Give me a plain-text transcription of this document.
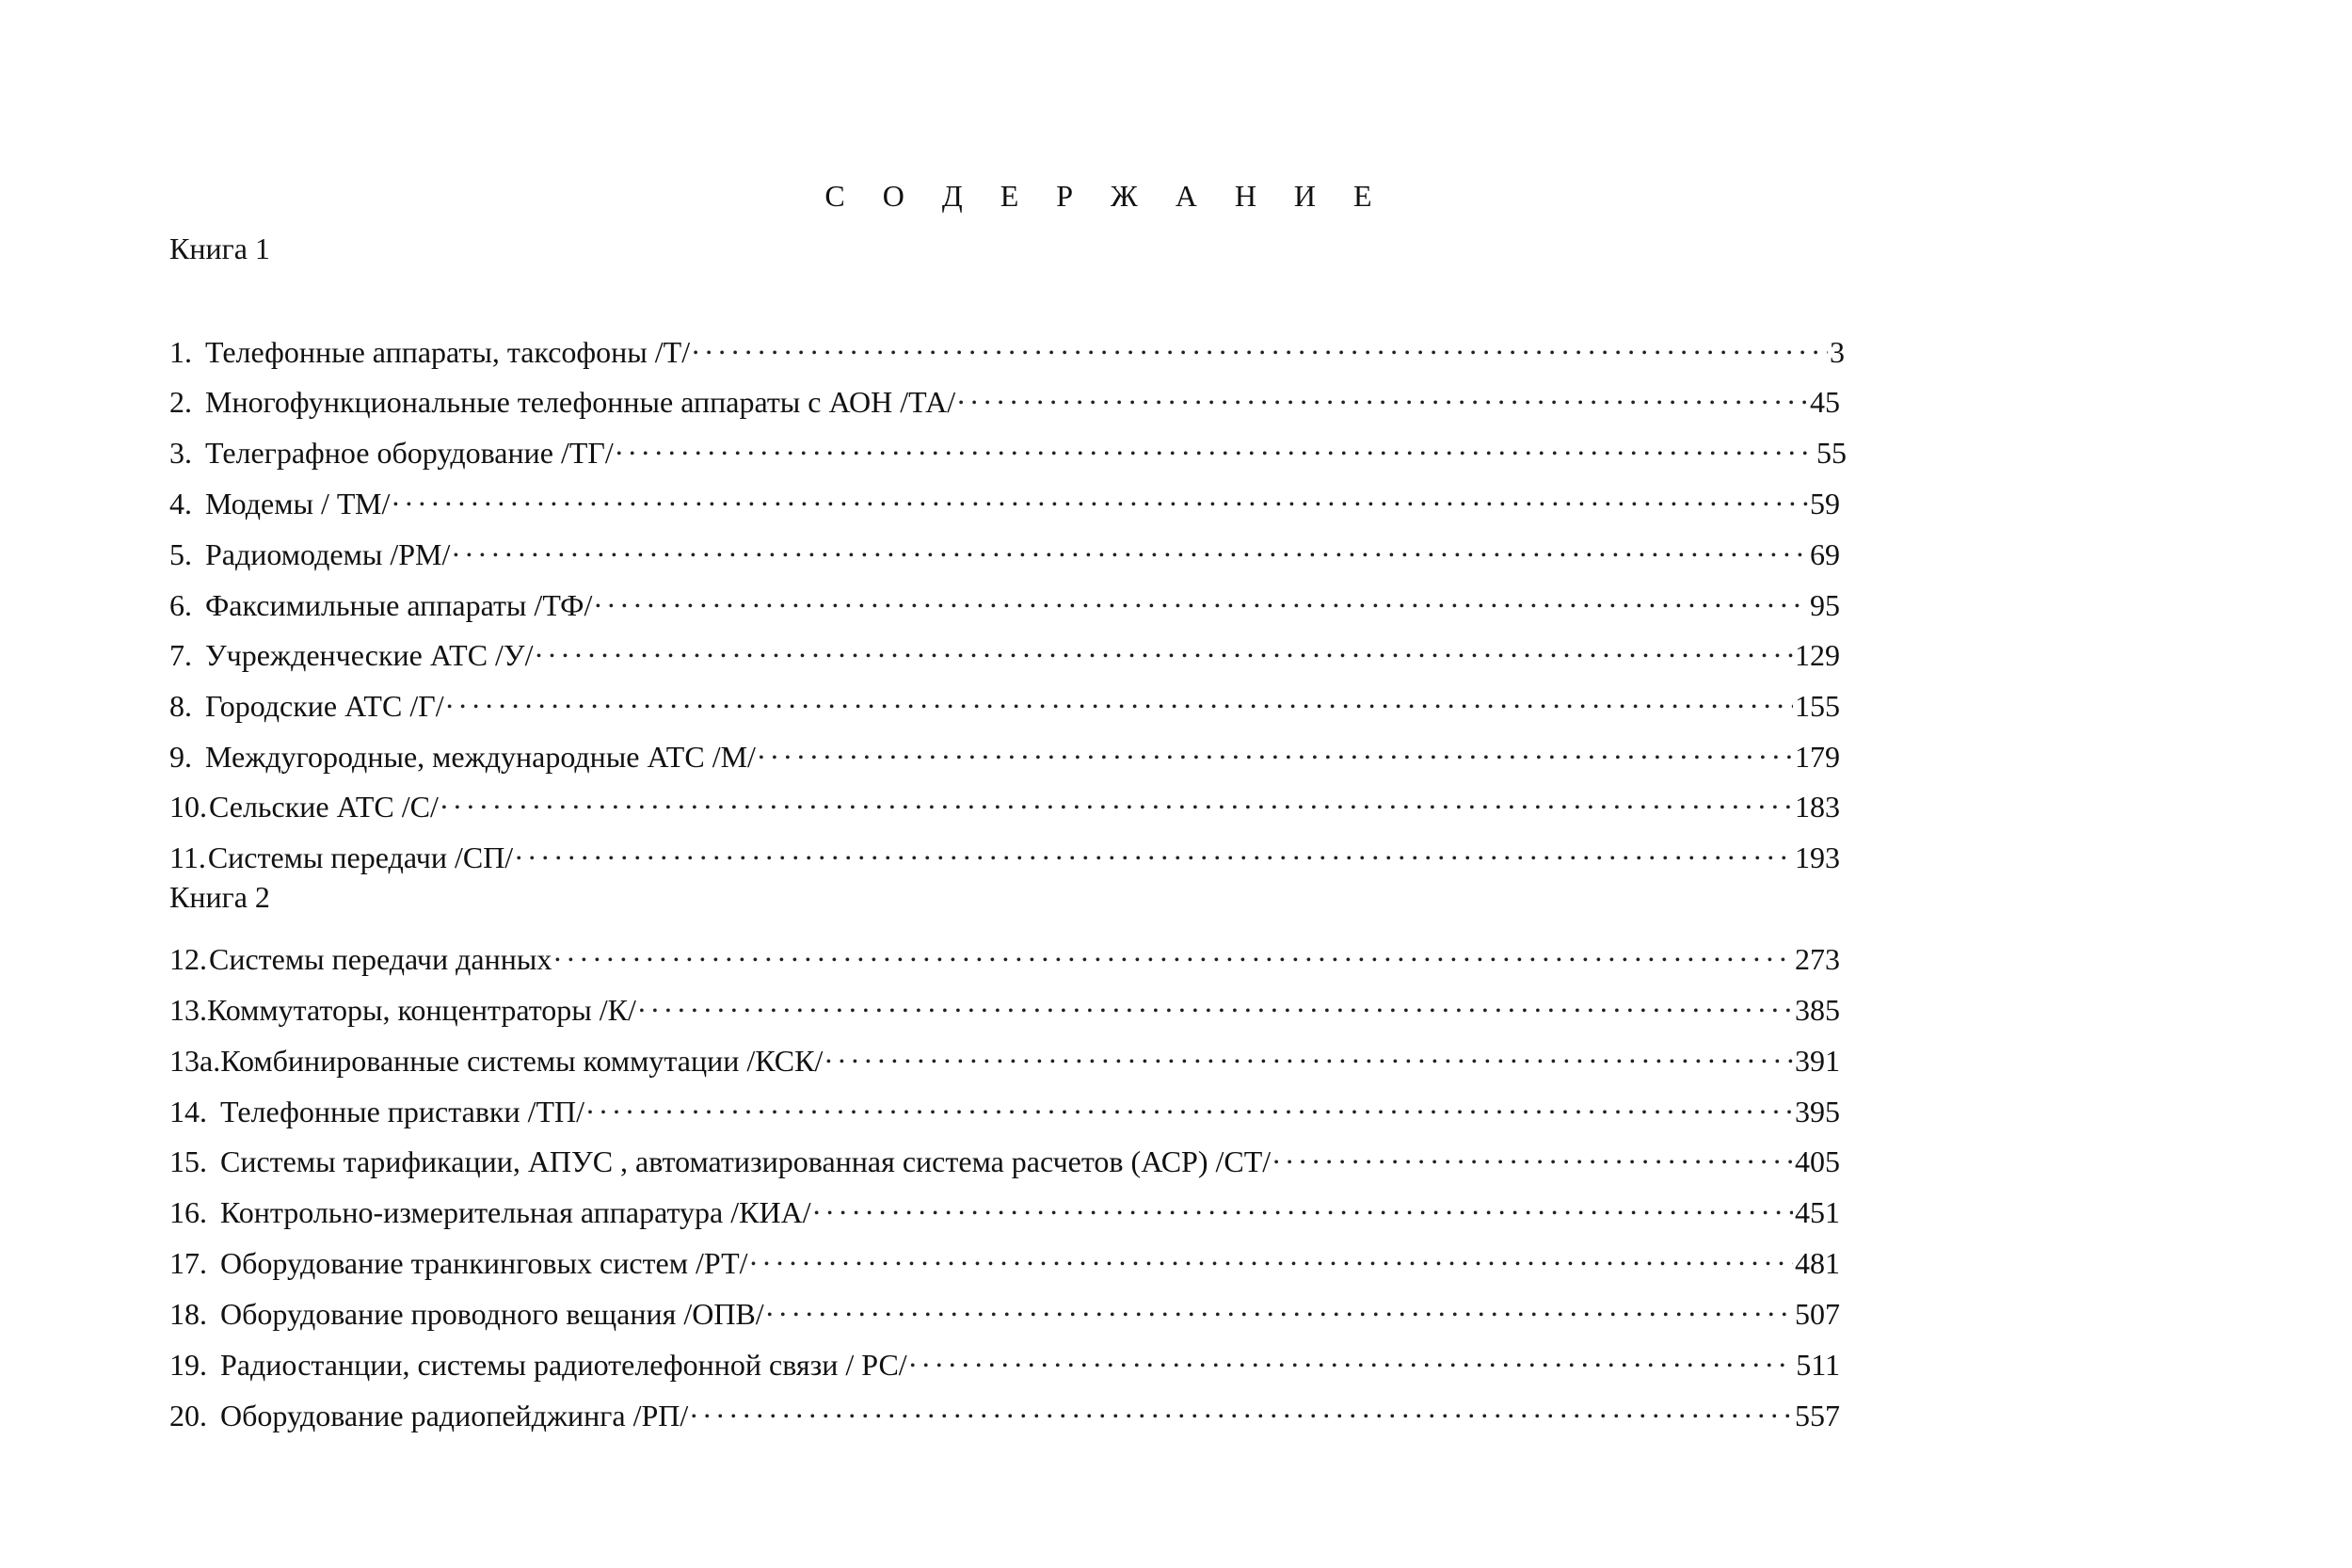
С О Д Е Р Ж А Н И Е
Книга 1
1. Телефонные аппараты, таксофоны /Т/ .....	3
2. Многофункциональные телефонные аппараты с АОН /ТА/ .....	45
3. Телеграфное оборудование /ТГ/ .....	55
4. Модемы / ТМ/ .....	59
5. Радиомодемы /РМ/ .....	69
6. Факсимильные аппараты /ТФ/ .....	95
7. Учрежденческие АТС /У/ .....	129
8. Городские АТС /Г/ .....	155
9. Междугородные, международные АТС /М/ .....	179
10. Сельские АТС /С/ .....	183
11. Системы передачи /СП/ .....	193
Книга 2
12. Системы передачи данных .....	273
13. Коммутаторы, концентраторы /К/ .....	385
13а. Комбинированные системы коммутации /КСК/ .....	391
14. Телефонные приставки /ТП/ .....	395
15. Системы тарификации, АПУС , автоматизированная система расчетов (АСР) /СТ/ .....	405
16. Контрольно-измерительная аппаратура /КИА/ .....	451
17. Оборудование транкинговых систем /РТ/ .....	481
18. Оборудование проводного вещания /ОПВ/ .....	507
19. Радиостанции, системы радиотелефонной связи / РС/ .....	511
20. Оборудование радиопейджинга /РП/ .....	557
